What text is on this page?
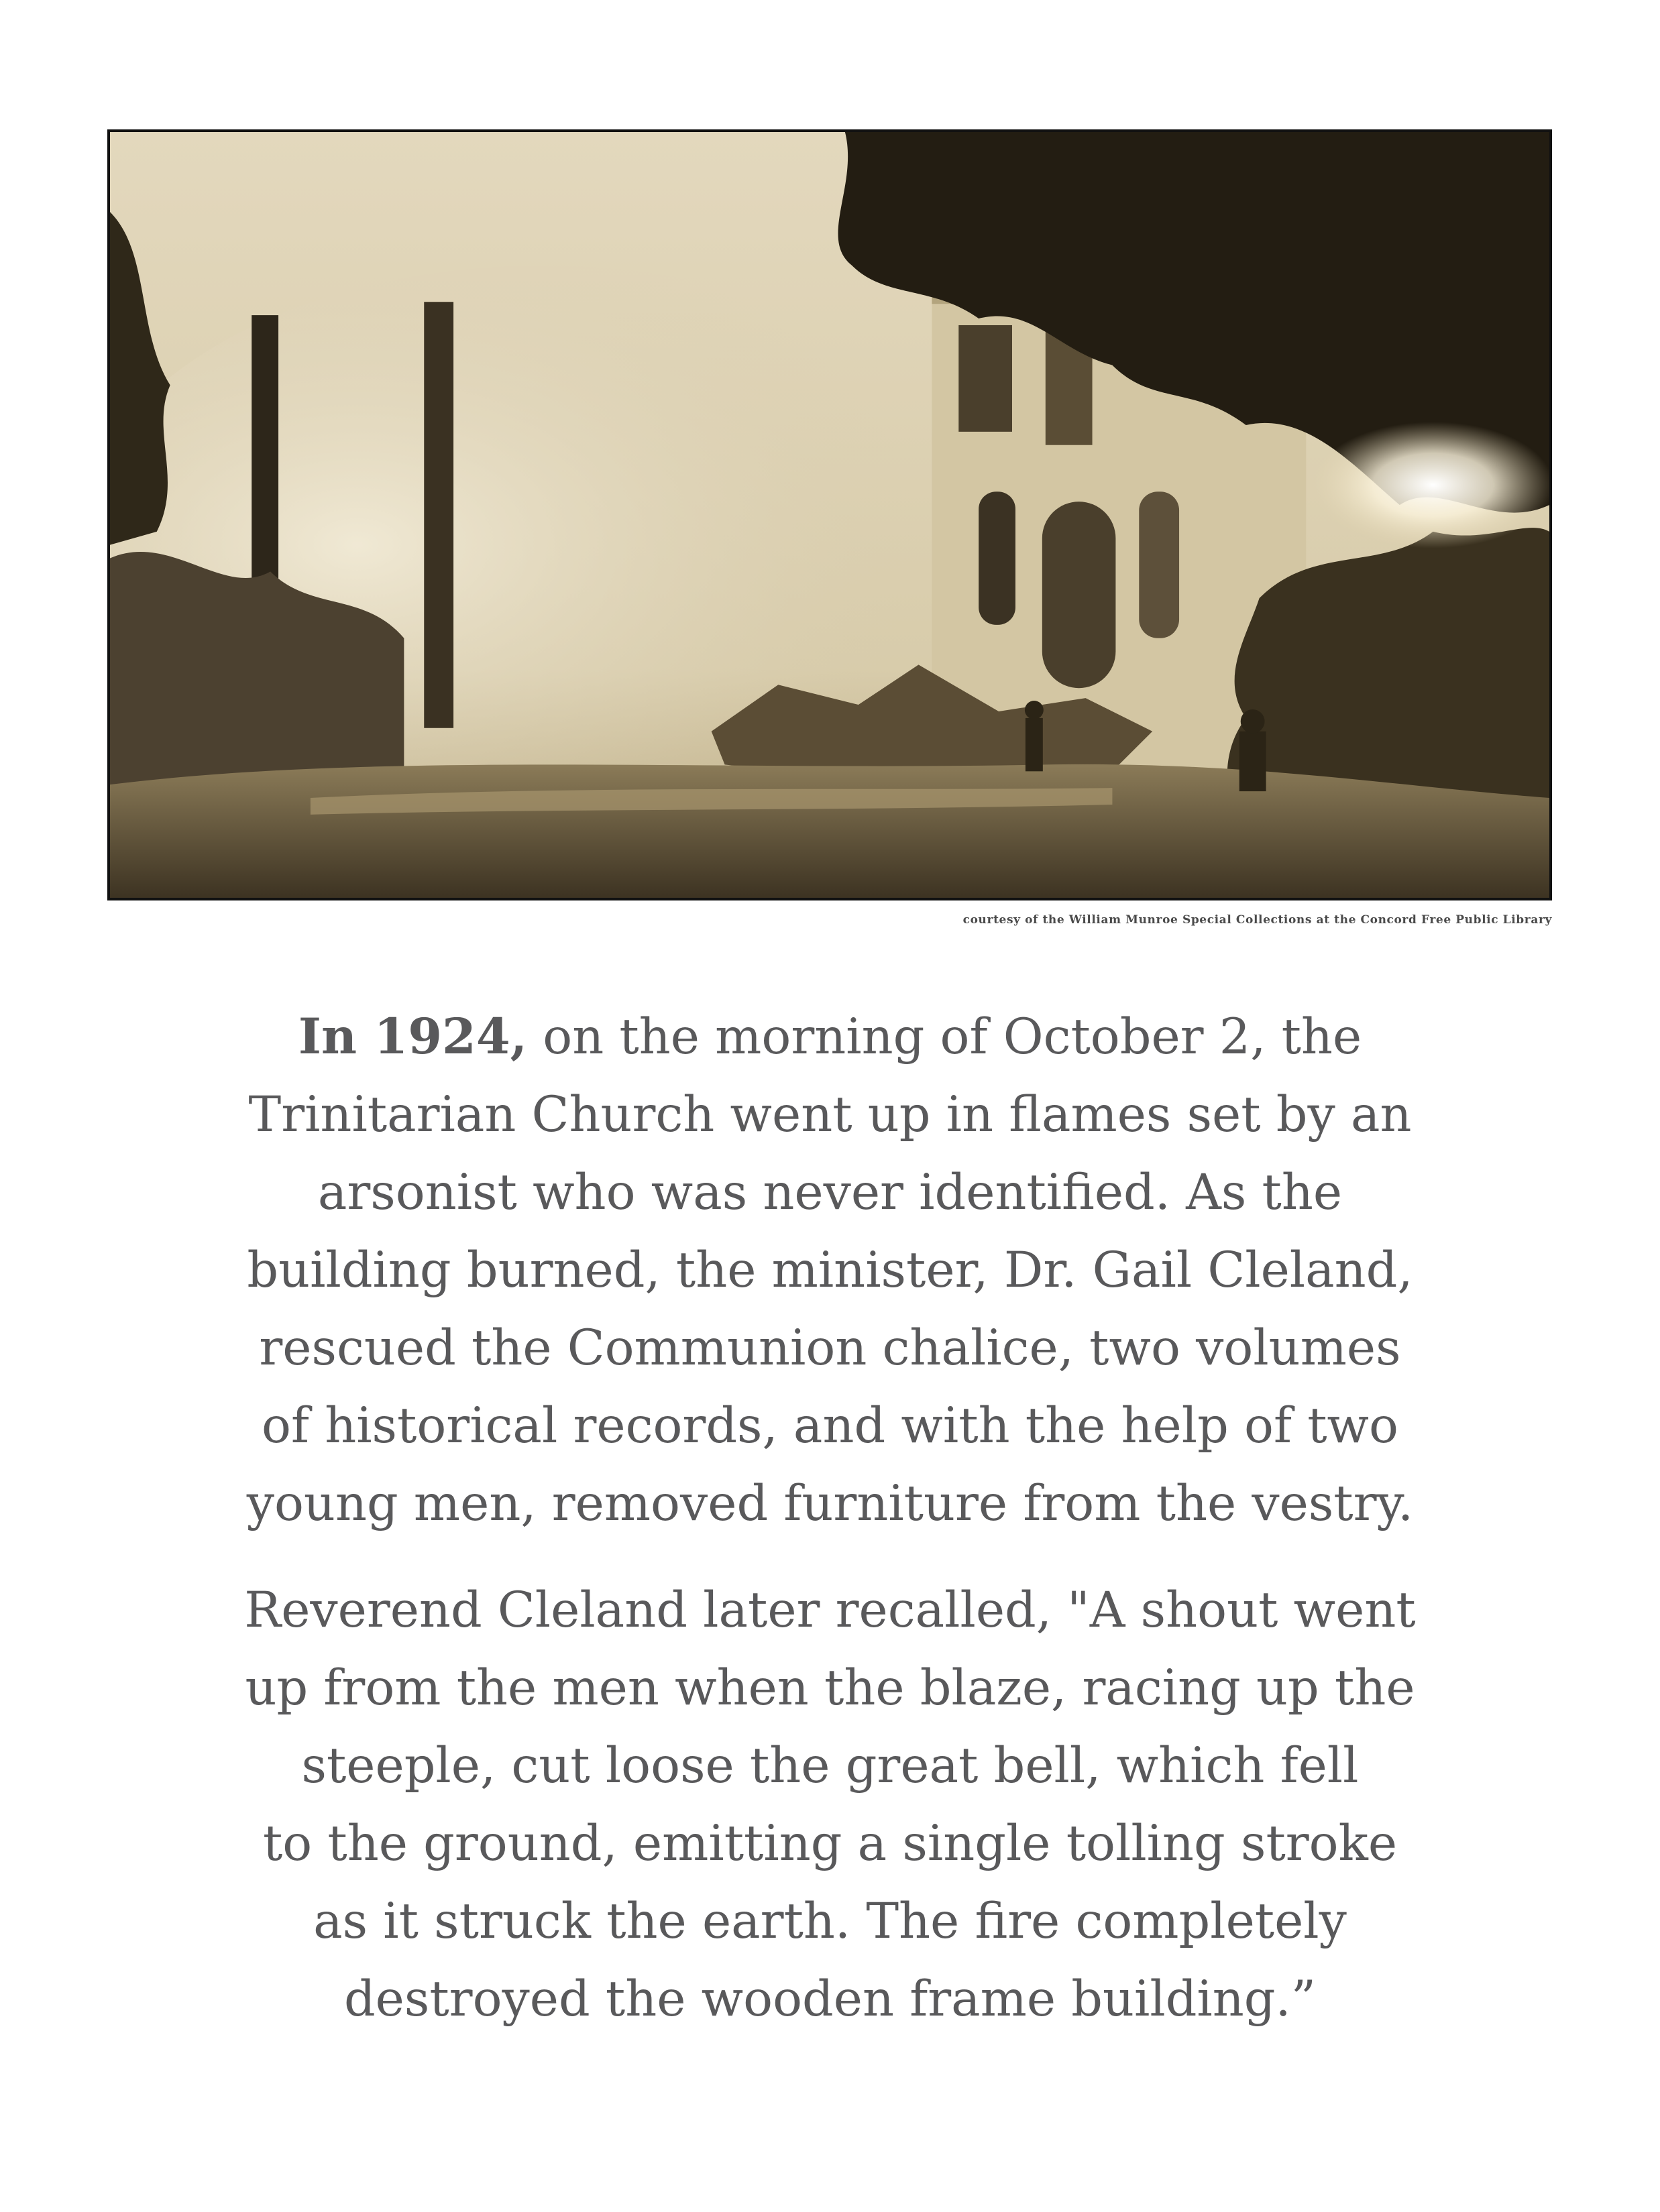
courtesy of the William Munroe Special Collections at the Concord Free Public Library
In 1924, on the morning of October 2, the
Trinitarian Church went up in flames set by an
arsonist who was never identified. As the
building burned, the minister, Dr. Gail Cleland,
rescued the Communion chalice, two volumes
of historical records, and with the help of two
young men, removed furniture from the vestry.
Reverend Cleland later recalled, "A shout went
up from the men when the blaze, racing up the
steeple, cut loose the great bell, which fell
to the ground, emitting a single tolling stroke
as it struck the earth. The fire completely
destroyed the wooden frame building.”
